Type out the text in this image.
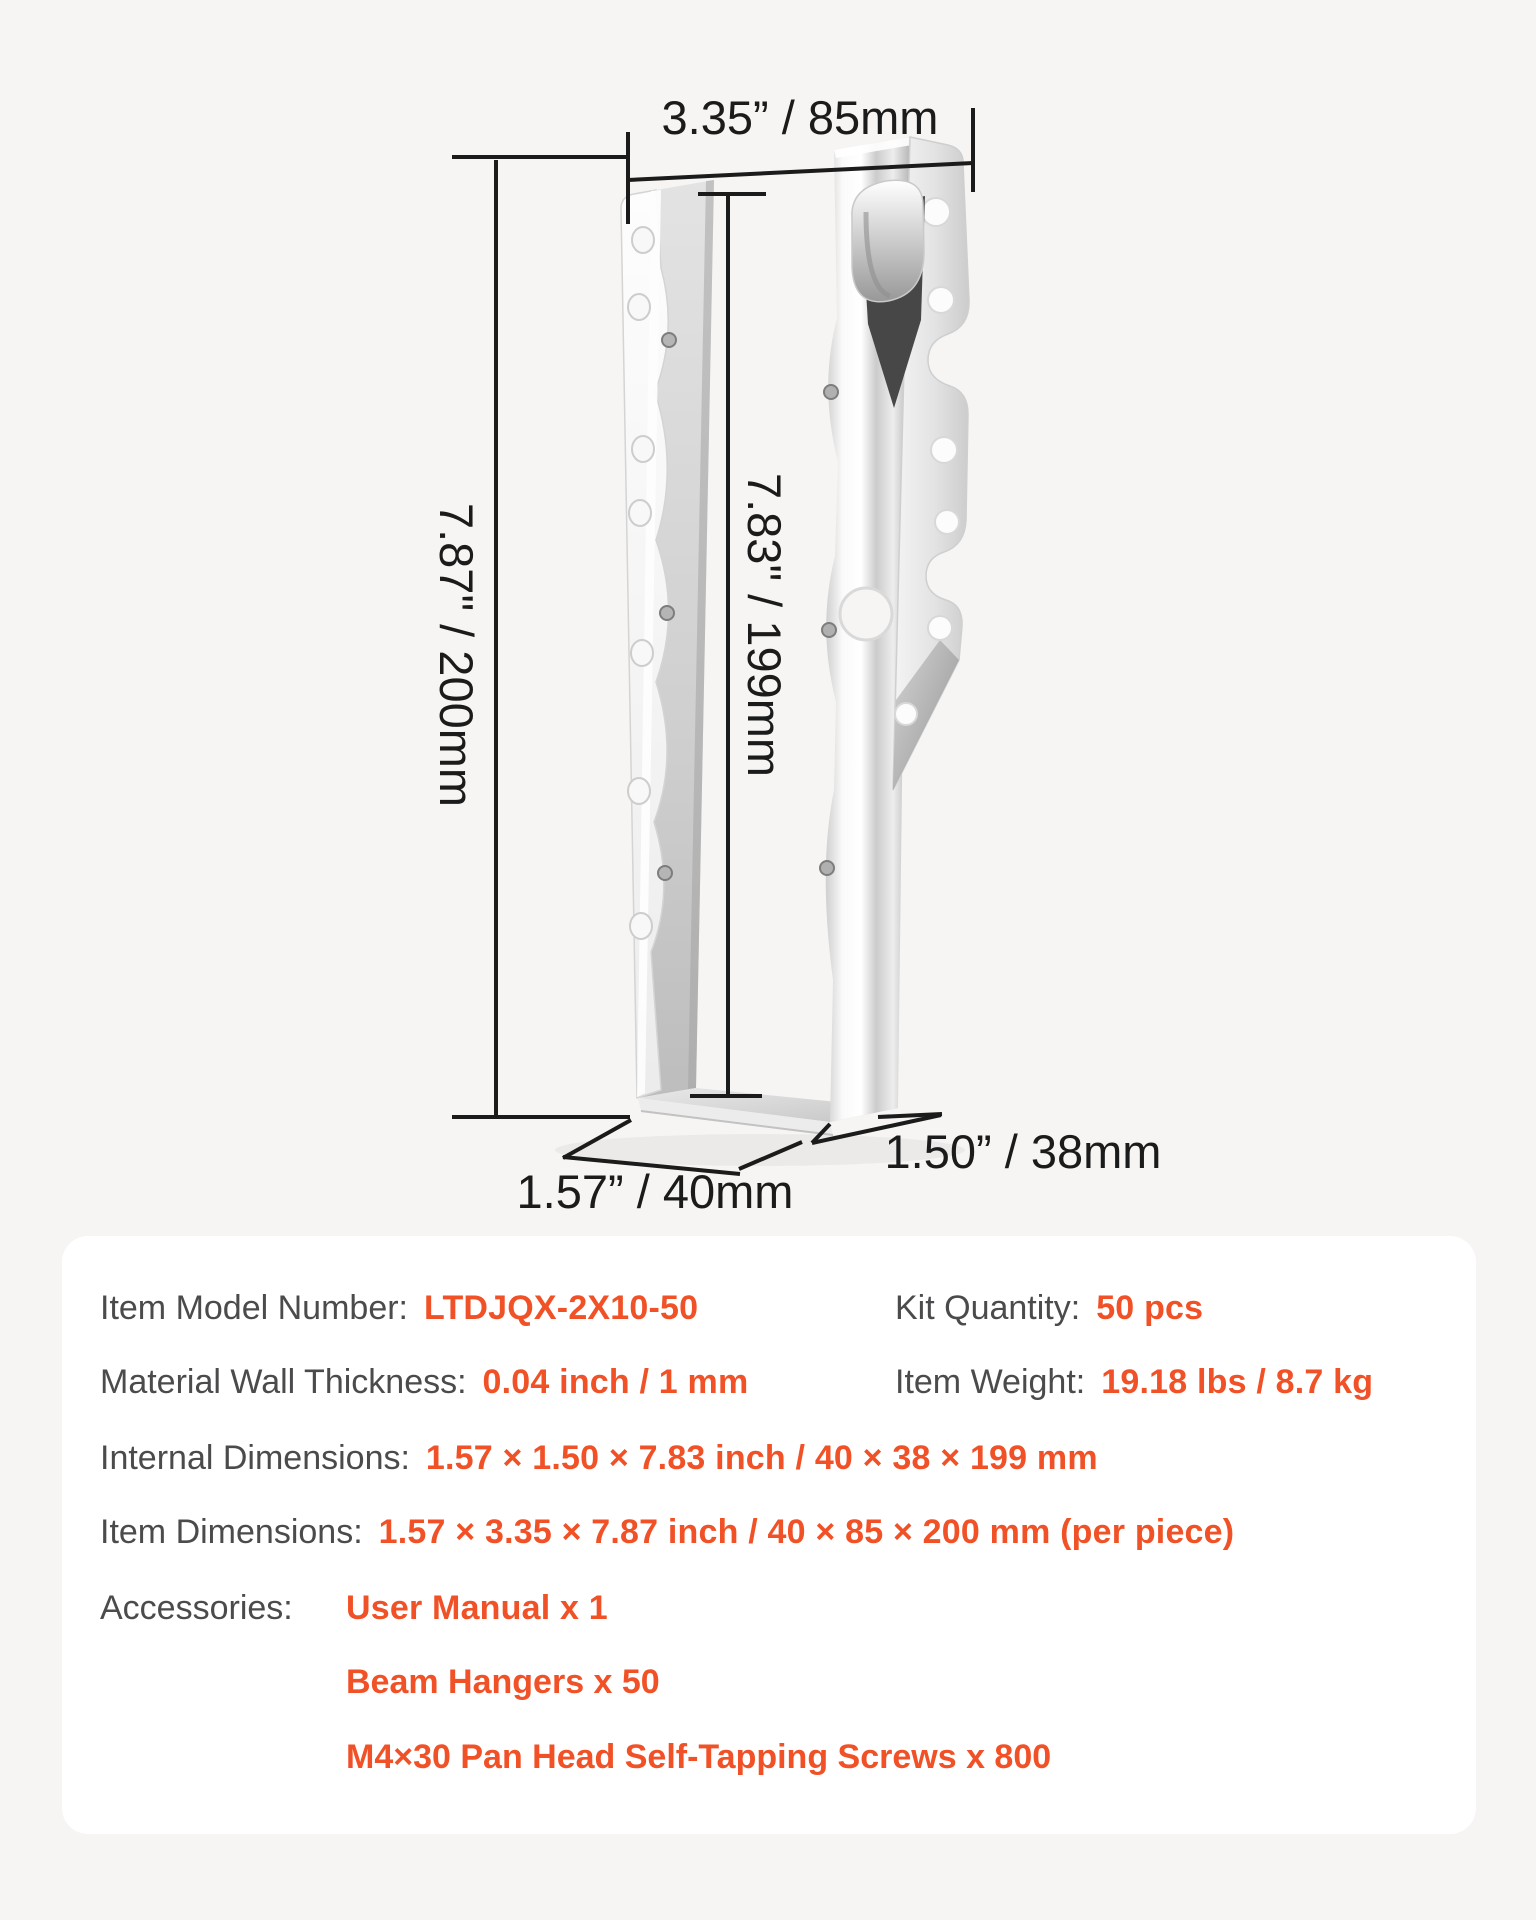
3.35” / 85mm
7.87" / 200mm	7.83" / 199mm
1.57” / 40mm
1.50” / 38mm
Item Model Number: LTDJQX-2X10-50	Kit Quantity: 50 pcs
Material Wall Thickness: 0.04 inch / 1 mm	Item Weight: 19.18 lbs / 8.7 kg
Internal Dimensions: 1.57 × 1.50 × 7.83 inch / 40 × 38 × 199 mm
Item Dimensions: 1.57 × 3.35 × 7.87 inch / 40 × 85 × 200 mm (per piece)
Accessories: User Manual x 1
Beam Hangers x 50
M4×30 Pan Head Self-Tapping Screws x 800
